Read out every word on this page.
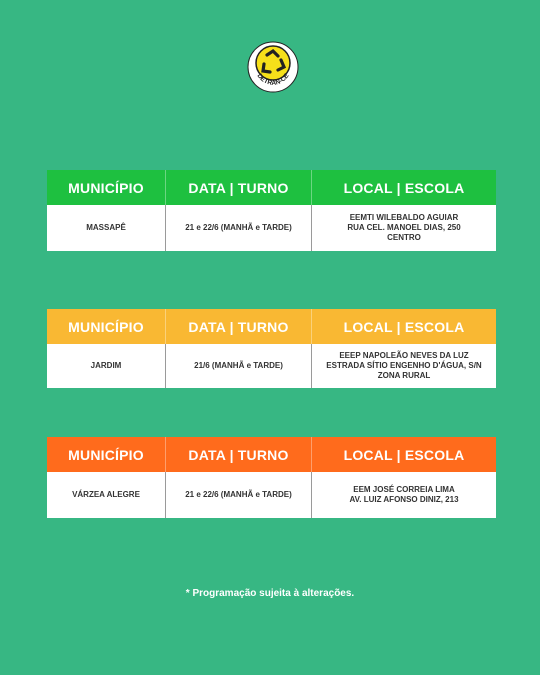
DETRAN-CE
MUNICÍPIO	DATA | TURNO	LOCAL | ESCOLA
MASSAPÊ	21 e 22/6 (MANHÃ e TARDE)
EEMTI WILEBALDO AGUIAR
RUA CEL. MANOEL DIAS, 250
CENTRO
MUNICÍPIO	DATA | TURNO	LOCAL | ESCOLA
JARDIM	21/6 (MANHÃ e TARDE)
EEEP NAPOLEÃO NEVES DA LUZ
ESTRADA SÍTIO ENGENHO D'ÁGUA, S/N
ZONA RURAL
MUNICÍPIO	DATA | TURNO	LOCAL | ESCOLA
VÁRZEA ALEGRE	21 e 22/6 (MANHÃ e TARDE)
EEM JOSÉ CORREIA LIMA
AV. LUIZ AFONSO DINIZ, 213
* Programação sujeita à alterações.
